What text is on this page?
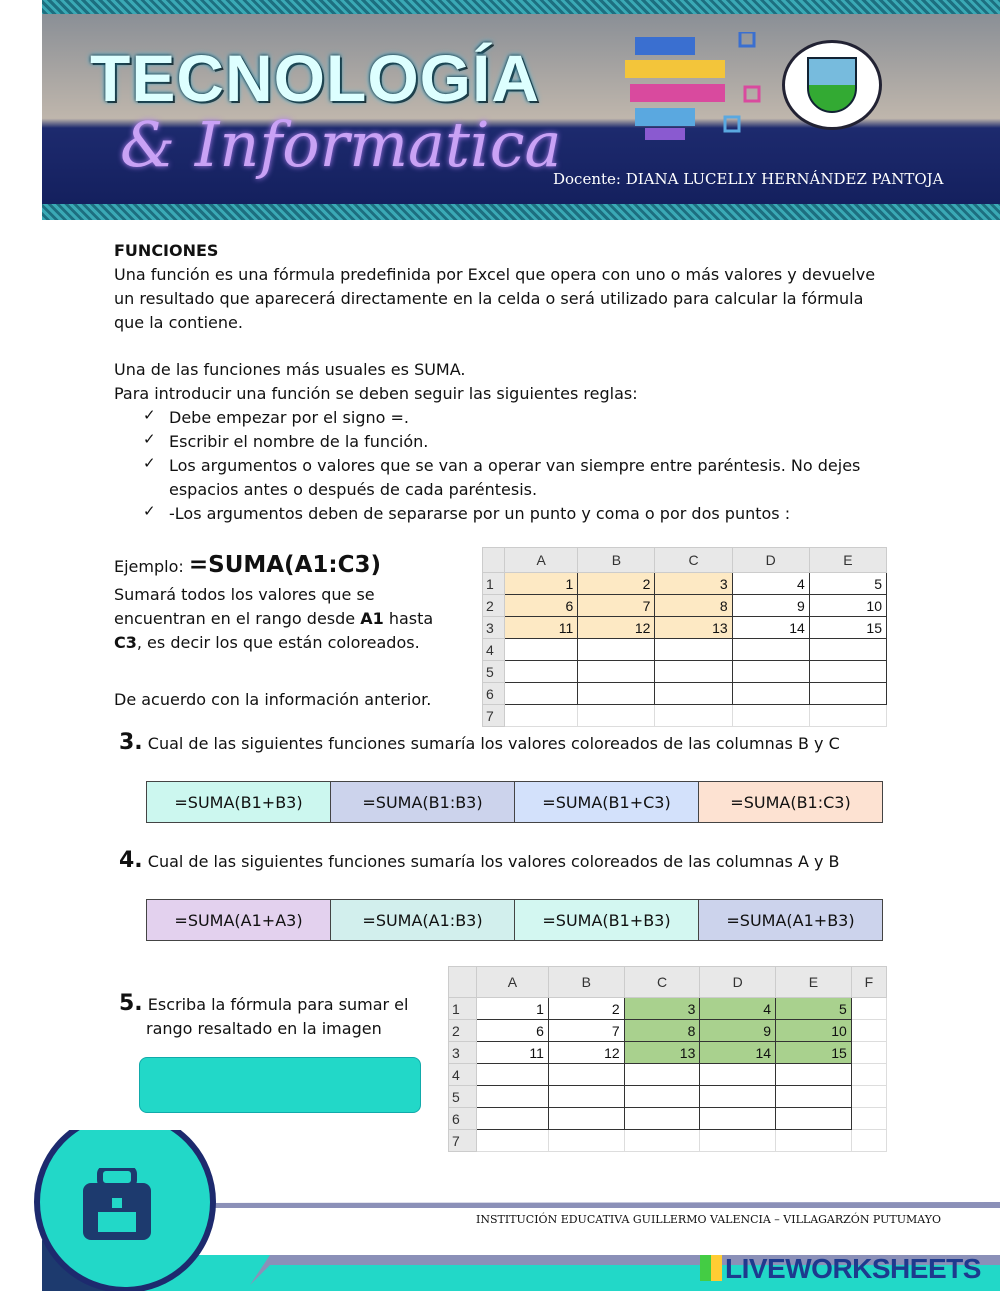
TECNOLOGÍA
& Informatica
Docente: DIANA LUCELLY HERNÁNDEZ PANTOJA
FUNCIONES
Una función es una fórmula predefinida por Excel que opera con uno o más valores y devuelve un resultado que aparecerá directamente en la celda o será utilizado para calcular la fórmula que la contiene.
Una de las funciones más usuales es SUMA.
Para introducir una función se deben seguir las siguientes reglas:
✓ Debe empezar por el signo =.
✓ Escribir el nombre de la función.
✓ Los argumentos o valores que se van a operar van siempre entre paréntesis. No dejes espacios antes o después de cada paréntesis.
✓ -Los argumentos deben de separarse por un punto y coma o por dos puntos :
Ejemplo: =SUMA(A1:C3)
Sumará todos los valores que se encuentran en el rango desde A1 hasta C3, es decir los que están coloreados.
De acuerdo con la información anterior.
	A	B	C	D	E
1	1	2	3	4	5
2	6	7	8	9	10
3	11	12	13	14	15
4					
5					
6					
7					
3. Cual de las siguientes funciones sumaría los valores coloreados de las columnas B y C
=SUMA(B1+B3)	=SUMA(B1:B3)	=SUMA(B1+C3)	=SUMA(B1:C3)
4. Cual de las siguientes funciones sumaría los valores coloreados de las columnas A y B
=SUMA(A1+A3)	=SUMA(A1:B3)	=SUMA(B1+B3)	=SUMA(A1+B3)
5. Escriba la fórmula para sumar el
rango resaltado en la imagen
	A	B	C	D	E	F
1	1	2	3	4	5	
2	6	7	8	9	10	
3	11	12	13	14	15	
4						
5						
6						
7						
INSTITUCIÓN EDUCATIVA GUILLERMO VALENCIA – VILLAGARZÓN PUTUMAYO
LIVEWORKSHEETS
